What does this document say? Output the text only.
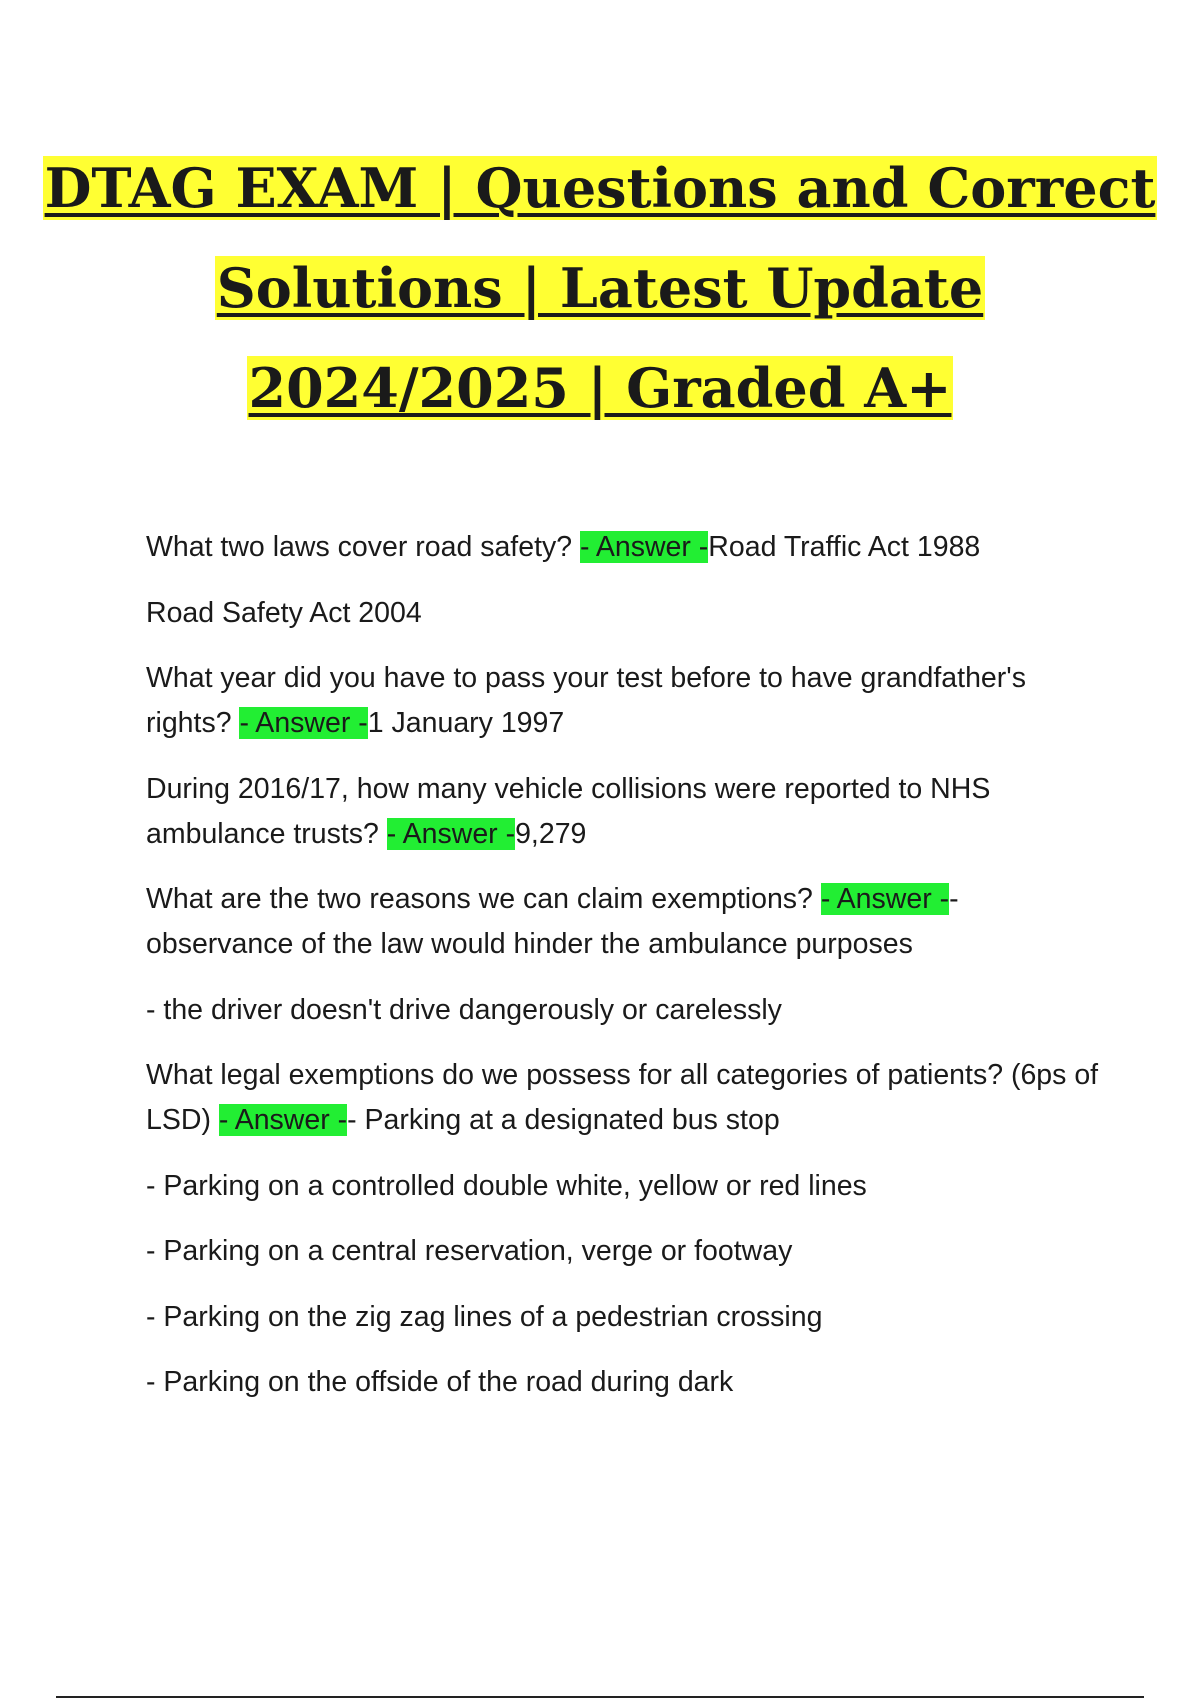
DTAG EXAM | Questions and Correct
Solutions | Latest Update
2024/2025 | Graded A+

What two laws cover road safety? - Answer -Road Traffic Act 1988

Road Safety Act 2004

What year did you have to pass your test before to have grandfather's rights? - Answer -1 January 1997

During 2016/17, how many vehicle collisions were reported to NHS ambulance trusts? - Answer -9,279

What are the two reasons we can claim exemptions? - Answer -- observance of the law would hinder the ambulance purposes

- the driver doesn't drive dangerously or carelessly

What legal exemptions do we possess for all categories of patients? (6ps of LSD) - Answer -- Parking at a designated bus stop

- Parking on a controlled double white, yellow or red lines

- Parking on a central reservation, verge or footway

- Parking on the zig zag lines of a pedestrian crossing

- Parking on the offside of the road during dark
